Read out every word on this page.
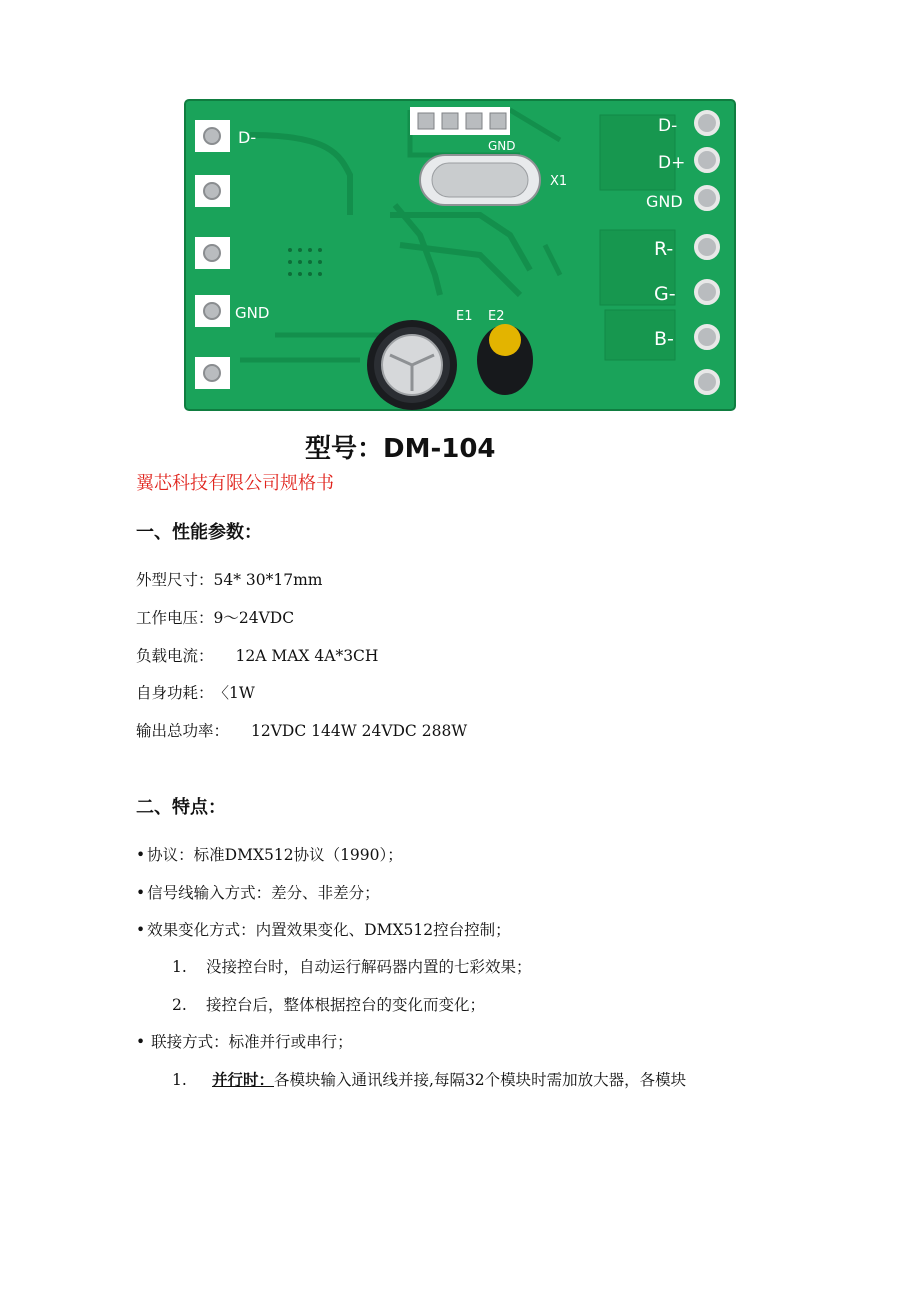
D-
GND
GND
X1
E1 E2
D-
D+
GND
R-
G-
B-
型号：DM-104
翼芯科技有限公司规格书
一、性能参数：
外型尺寸：54* 30*17mm
工作电压：9～24VDC
负载电流： 12A MAX 4A*3CH
自身功耗：〈1W
输出总功率： 12VDC 144W 24VDC 288W
二、特点：
• 协议：标准DMX512协议（1990）；
• 信号线输入方式：差分、非差分；
• 效果变化方式：内置效果变化、DMX512控台控制；
1. 没接控台时，自动运行解码器内置的七彩效果；
2. 接控台后，整体根据控台的变化而变化；
• 联接方式：标准并行或串行；
1. 并行时：各模块输入通讯线并接,每隔32个模块时需加放大器，各模块
